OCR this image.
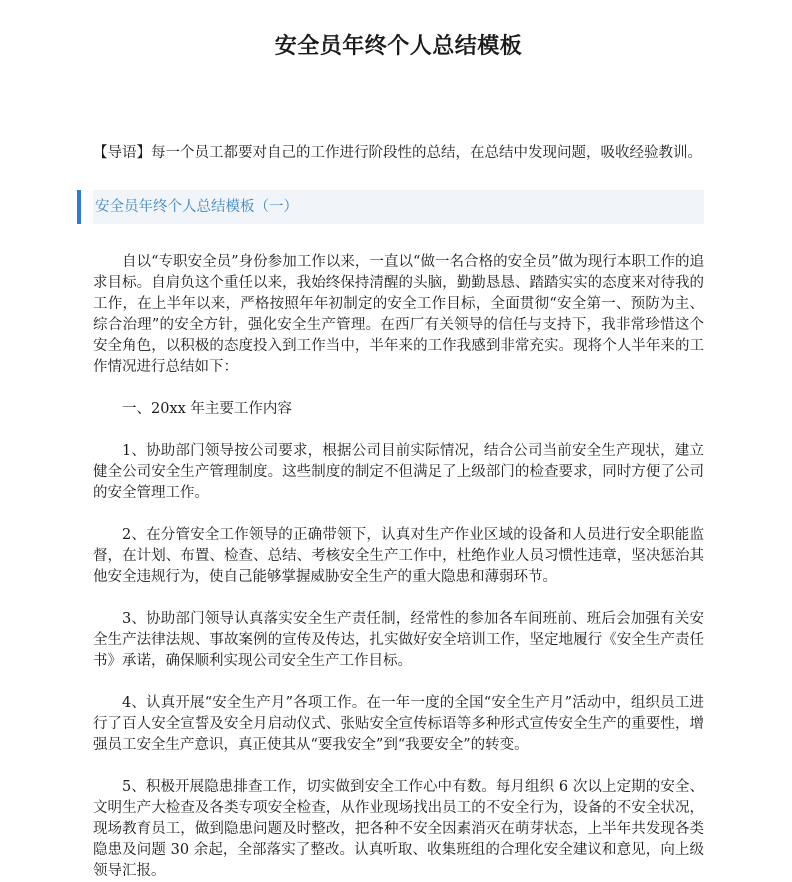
安全员年终个人总结模板

【导语】每一个员工都要对自己的工作进行阶段性的总结，在总结中发现问题，吸收经验教训。

安全员年终个人总结模板（一）

自以“专职安全员”身份参加工作以来，一直以“做一名合格的安全员”做为现行本职工作的追求目标。自肩负这个重任以来，我始终保持清醒的头脑，勤勤恳恳、踏踏实实的态度来对待我的工作，在上半年以来，严格按照年年初制定的安全工作目标，全面贯彻“安全第一、预防为主、综合治理”的安全方针，强化安全生产管理。在西厂有关领导的信任与支持下，我非常珍惜这个安全角色，以积极的态度投入到工作当中，半年来的工作我感到非常充实。现将个人半年来的工作情况进行总结如下：

一、20xx 年主要工作内容

1、协助部门领导按公司要求，根据公司目前实际情况，结合公司当前安全生产现状，建立健全公司安全生产管理制度。这些制度的制定不但满足了上级部门的检查要求，同时方便了公司的安全管理工作。

2、在分管安全工作领导的正确带领下，认真对生产作业区域的设备和人员进行安全职能监督，在计划、布置、检查、总结、考核安全生产工作中，杜绝作业人员习惯性违章，坚决惩治其他安全违规行为，使自己能够掌握威胁安全生产的重大隐患和薄弱环节。

3、协助部门领导认真落实安全生产责任制，经常性的参加各车间班前、班后会加强有关安全生产法律法规、事故案例的宣传及传达，扎实做好安全培训工作，坚定地履行《安全生产责任书》承诺，确保顺利实现公司安全生产工作目标。

4、认真开展“安全生产月”各项工作。在一年一度的全国“安全生产月”活动中，组织员工进行了百人安全宣誓及安全月启动仪式、张贴安全宣传标语等多种形式宣传安全生产的重要性，增强员工安全生产意识，真正使其从“要我安全”到“我要安全”的转变。

5、积极开展隐患排查工作，切实做到安全工作心中有数。每月组织 6 次以上定期的安全、文明生产大检查及各类专项安全检查，从作业现场找出员工的不安全行为，设备的不安全状况，现场教育员工，做到隐患问题及时整改，把各种不安全因素消灭在萌芽状态，上半年共发现各类隐患及问题 30 余起，全部落实了整改。认真听取、收集班组的合理化安全建议和意见，向上级领导汇报。
